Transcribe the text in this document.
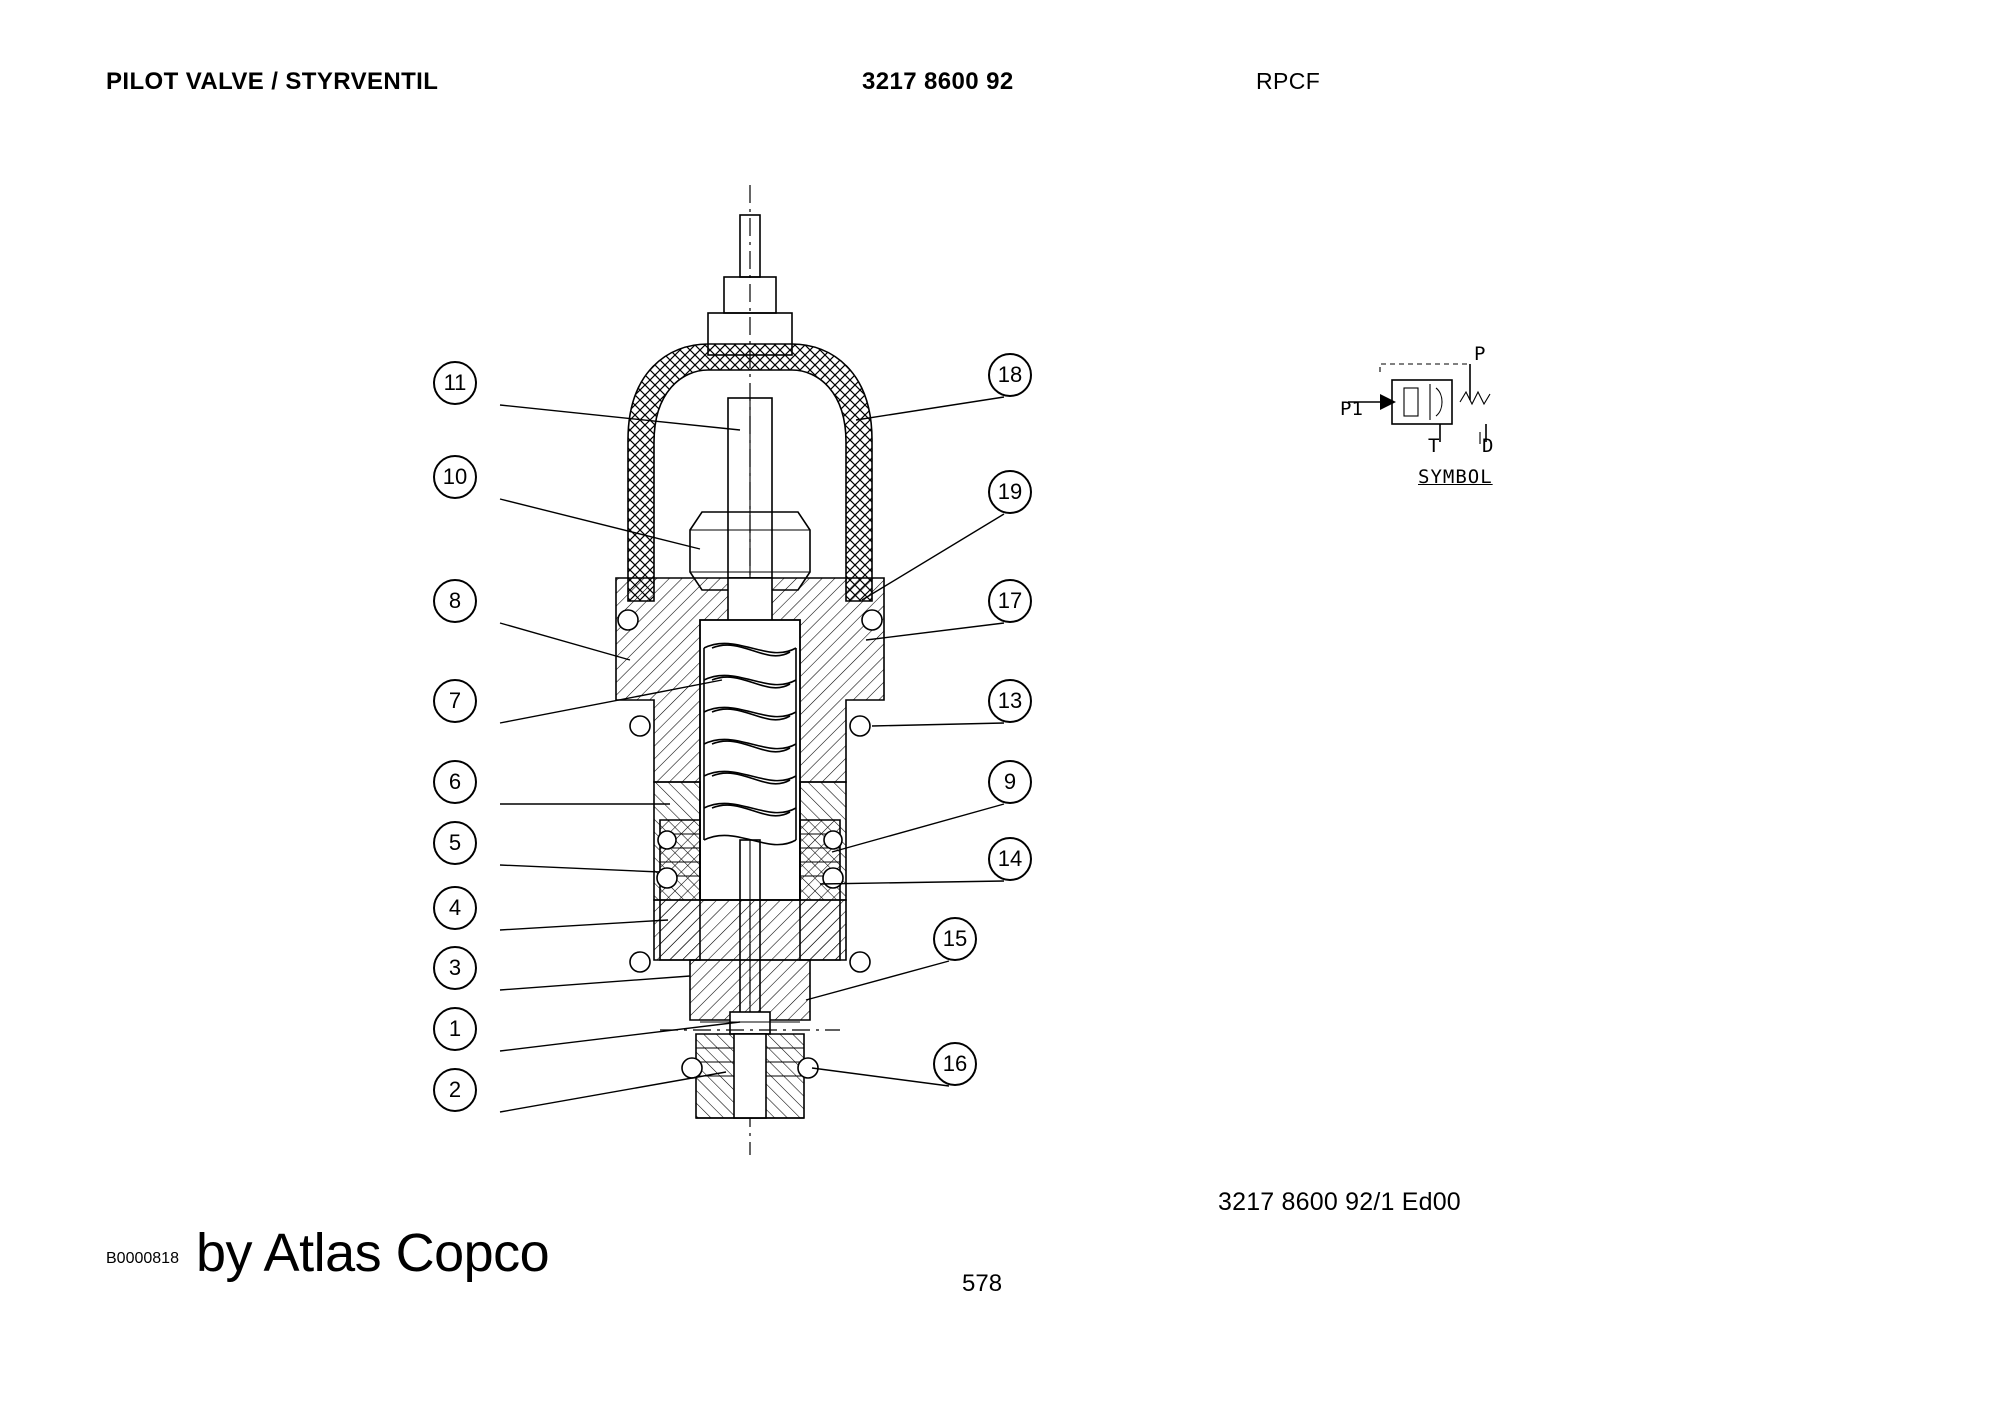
PILOT VALVE / STYRVENTIL	3217 8600 92	RPCF
P
P1
T D
SYMBOL
11	18
10
19
8	17
7	13
6	9
5
14
4
15
3
1
16
2
3217 8600 92/1 Ed00
by Atlas Copco
B0000818
578
